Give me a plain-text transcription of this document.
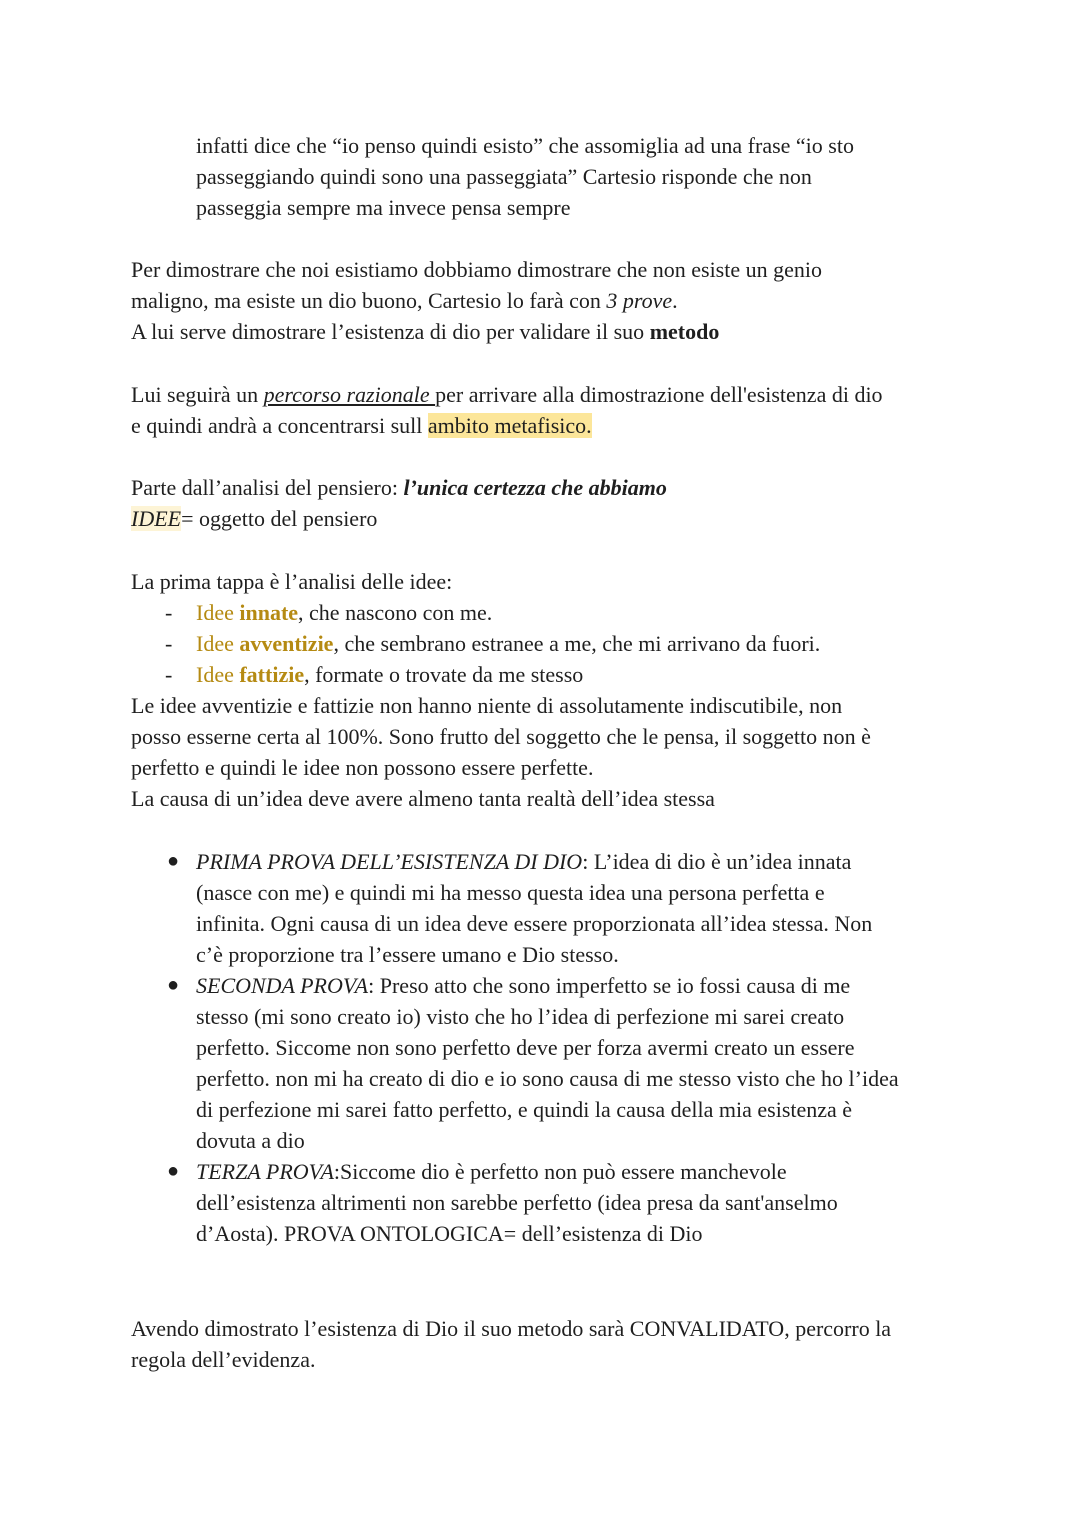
infatti dice che “io penso quindi esisto” che assomiglia ad una frase “io sto

passeggiando quindi sono una passeggiata” Cartesio risponde che non

passeggia sempre ma invece pensa sempre

Per dimostrare che noi esistiamo dobbiamo dimostrare che non esiste un genio

maligno, ma esiste un dio buono, Cartesio lo farà con 3 prove.

A lui serve dimostrare l’esistenza di dio per validare il suo metodo

Lui seguirà un percorso razionale per arrivare alla dimostrazione dell'esistenza di dio

e quindi andrà a concentrarsi sull ambito metafisico.

Parte dall’analisi del pensiero: l’unica certezza che abbiamo

IDEE= oggetto del pensiero

La prima tappa è l’analisi delle idee:

- Idee innate, che nascono con me.
- Idee avventizie, che sembrano estranee a me, che mi arrivano da fuori.
- Idee fattizie, formate o trovate da me stesso

Le idee avventizie e fattizie non hanno niente di assolutamente indiscutibile, non

posso esserne certa al 100%. Sono frutto del soggetto che le pensa, il soggetto non è

perfetto e quindi le idee non possono essere perfette.

La causa di un’idea deve avere almeno tanta realtà dell’idea stessa

● PRIMA PROVA DELL’ESISTENZA DI DIO: L’idea di dio è un’idea innata
(nasce con me) e quindi mi ha messo questa idea una persona perfetta e
infinita. Ogni causa di un idea deve essere proporzionata all’idea stessa. Non
c’è proporzione tra l’essere umano e Dio stesso.
● SECONDA PROVA: Preso atto che sono imperfetto se io fossi causa di me
stesso (mi sono creato io) visto che ho l’idea di perfezione mi sarei creato
perfetto. Siccome non sono perfetto deve per forza avermi creato un essere
perfetto. non mi ha creato di dio e io sono causa di me stesso visto che ho l’idea
di perfezione mi sarei fatto perfetto, e quindi la causa della mia esistenza è
dovuta a dio
● TERZA PROVA:Siccome dio è perfetto non può essere manchevole
dell’esistenza altrimenti non sarebbe perfetto (idea presa da sant'anselmo
d’Aosta). PROVA ONTOLOGICA= dell’esistenza di Dio

Avendo dimostrato l’esistenza di Dio il suo metodo sarà CONVALIDATO, percorro la

regola dell’evidenza.
